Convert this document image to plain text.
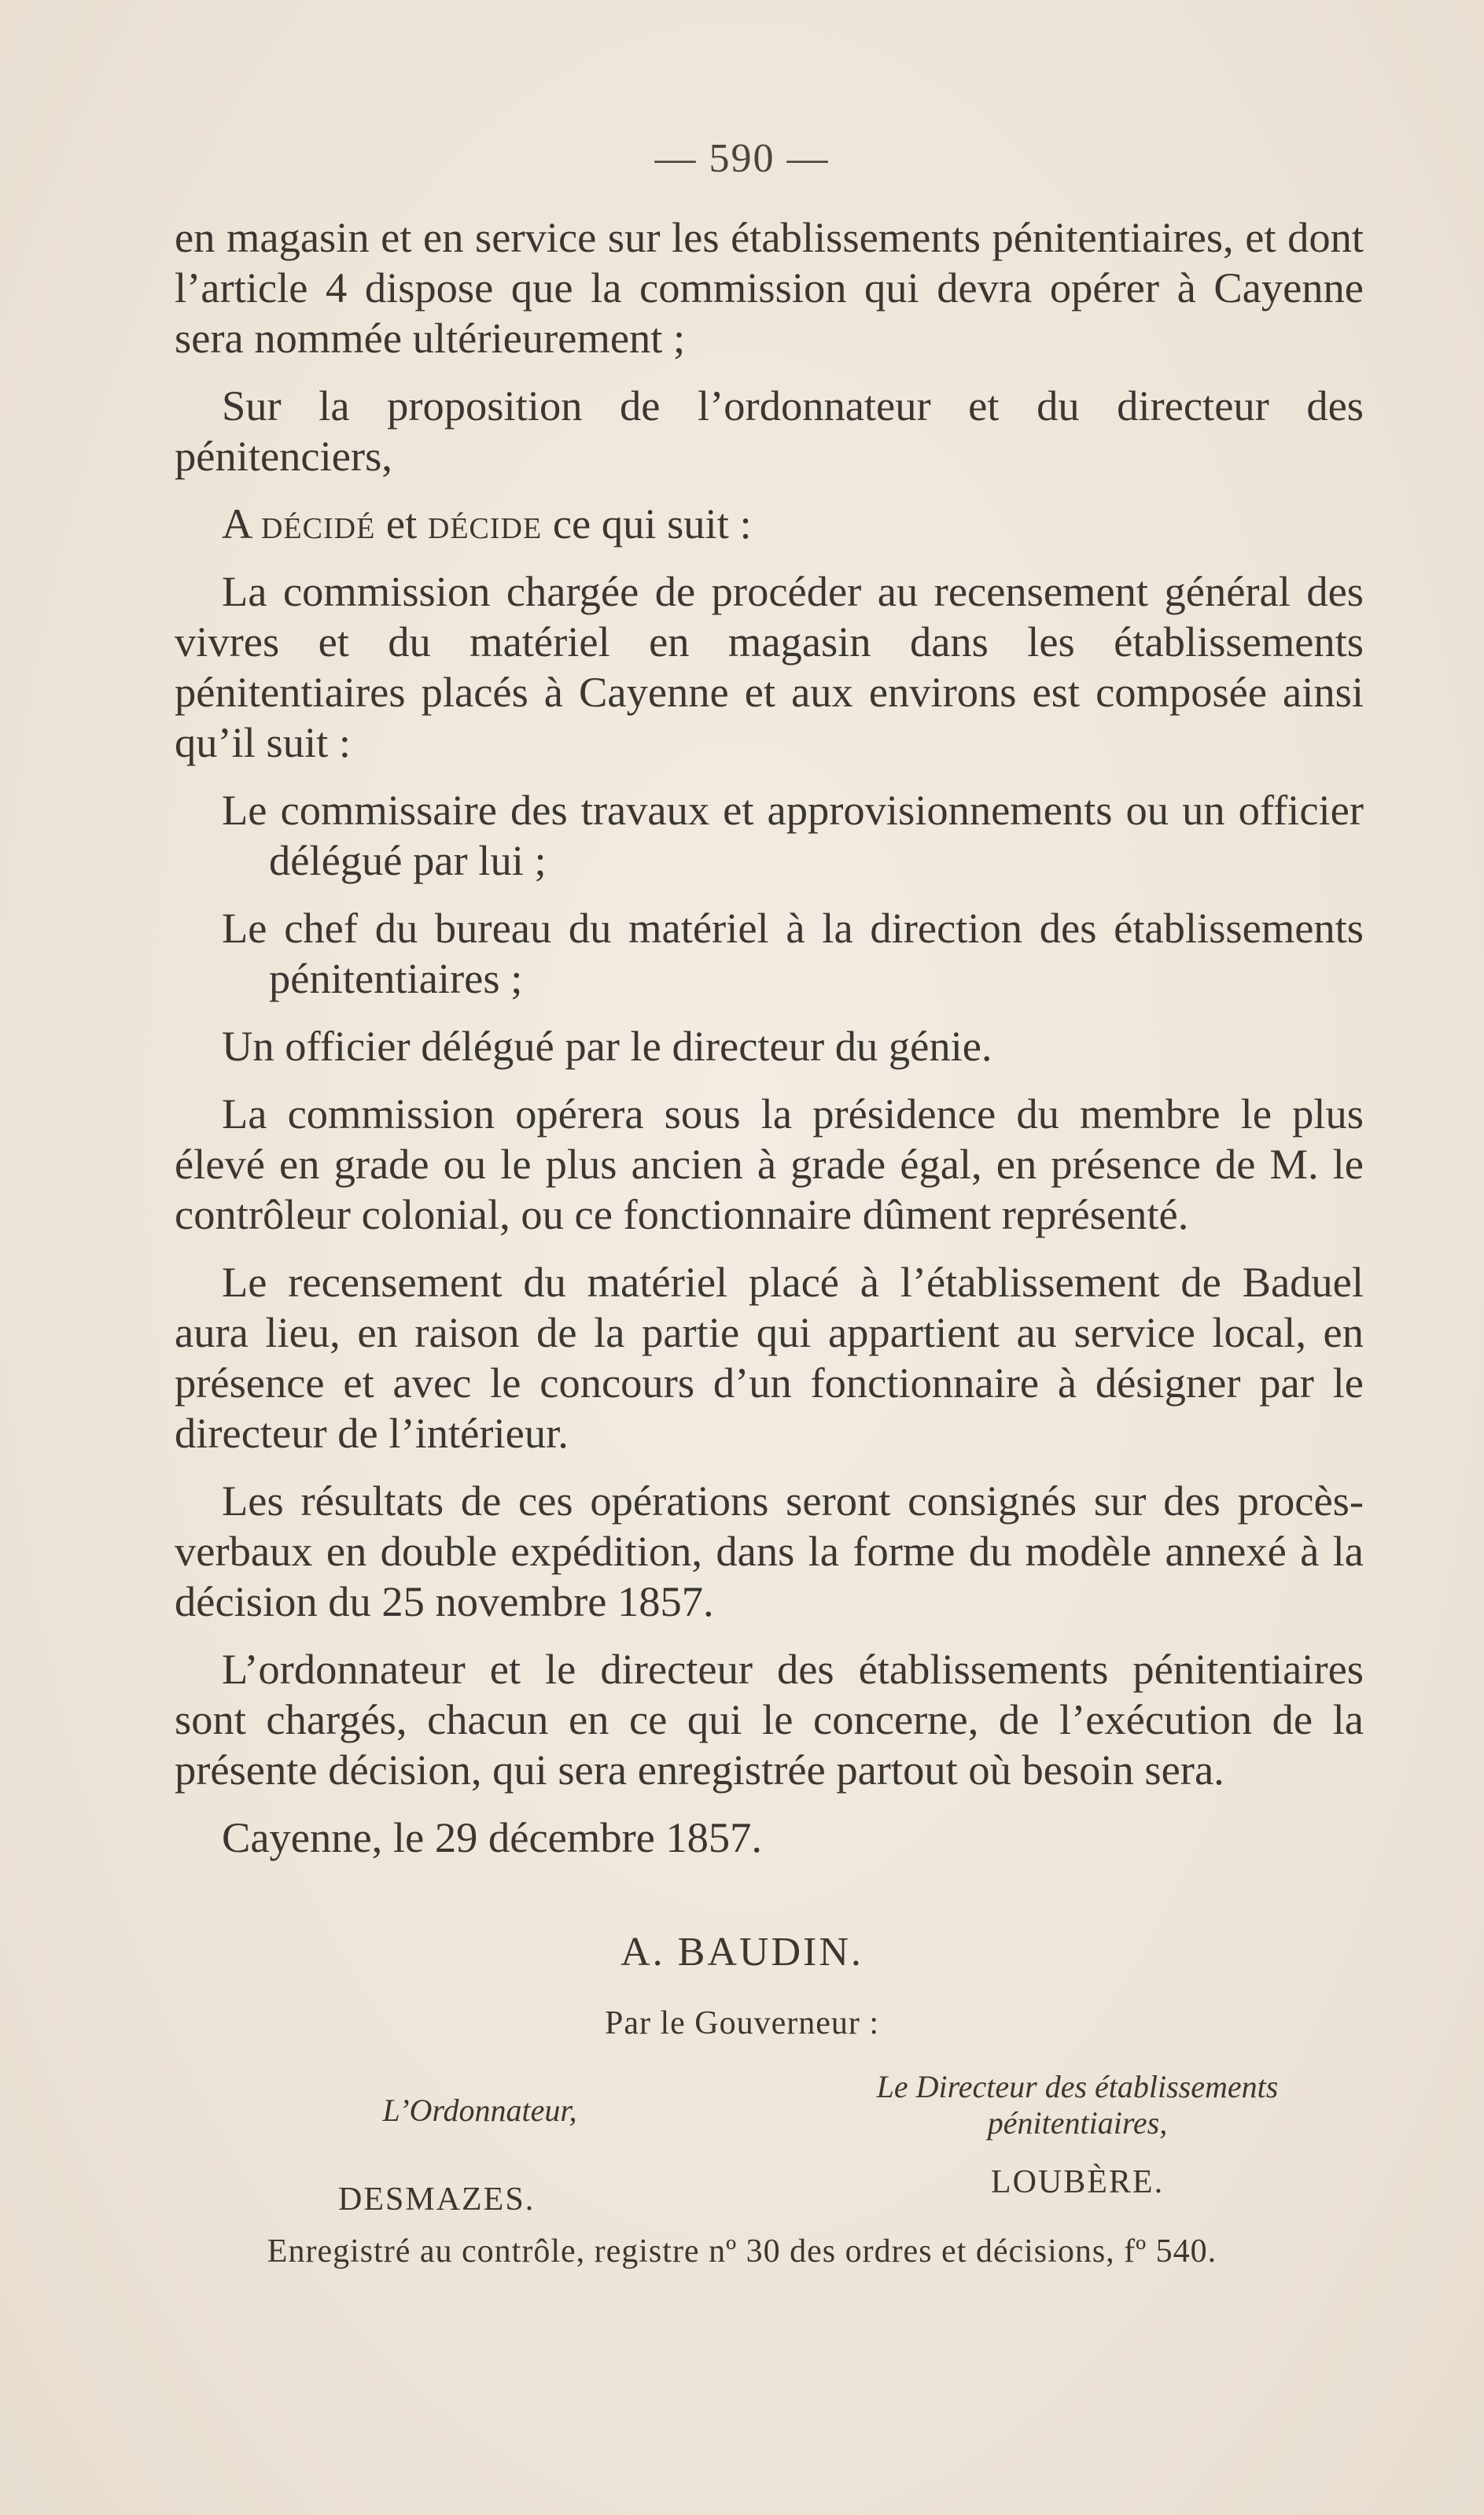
— 590 —

en magasin et en service sur les établissements pénitentiaires, et dont l’article 4 dispose que la commission qui devra opérer à Cayenne sera nommée ultérieurement ;

Sur la proposition de l’ordonnateur et du directeur des pénitenciers,

A décidé et décide ce qui suit :

La commission chargée de procéder au recensement général des vivres et du matériel en magasin dans les établissements pénitentiaires placés à Cayenne et aux environs est composée ainsi qu’il suit :

Le commissaire des travaux et approvisionnements ou un officier délégué par lui ;

Le chef du bureau du matériel à la direction des établissements pénitentiaires ;

Un officier délégué par le directeur du génie.

La commission opérera sous la présidence du membre le plus élevé en grade ou le plus ancien à grade égal, en présence de M. le contrôleur colonial, ou ce fonctionnaire dûment représenté.

Le recensement du matériel placé à l’établissement de Baduel aura lieu, en raison de la partie qui appartient au service local, en présence et avec le concours d’un fonctionnaire à désigner par le directeur de l’intérieur.

Les résultats de ces opérations seront consignés sur des procès-verbaux en double expédition, dans la forme du modèle annexé à la décision du 25 novembre 1857.

L’ordonnateur et le directeur des établissements pénitentiaires sont chargés, chacun en ce qui le concerne, de l’exécution de la présente décision, qui sera enregistrée partout où besoin sera.

Cayenne, le 29 décembre 1857.

A. BAUDIN.
Par le Gouverneur :
L’Ordonnateur,
DESMAZES.
Le Directeur des établissements
pénitentiaires,
LOUBÈRE.
Enregistré au contrôle, registre nº 30 des ordres et décisions, fº 540.
